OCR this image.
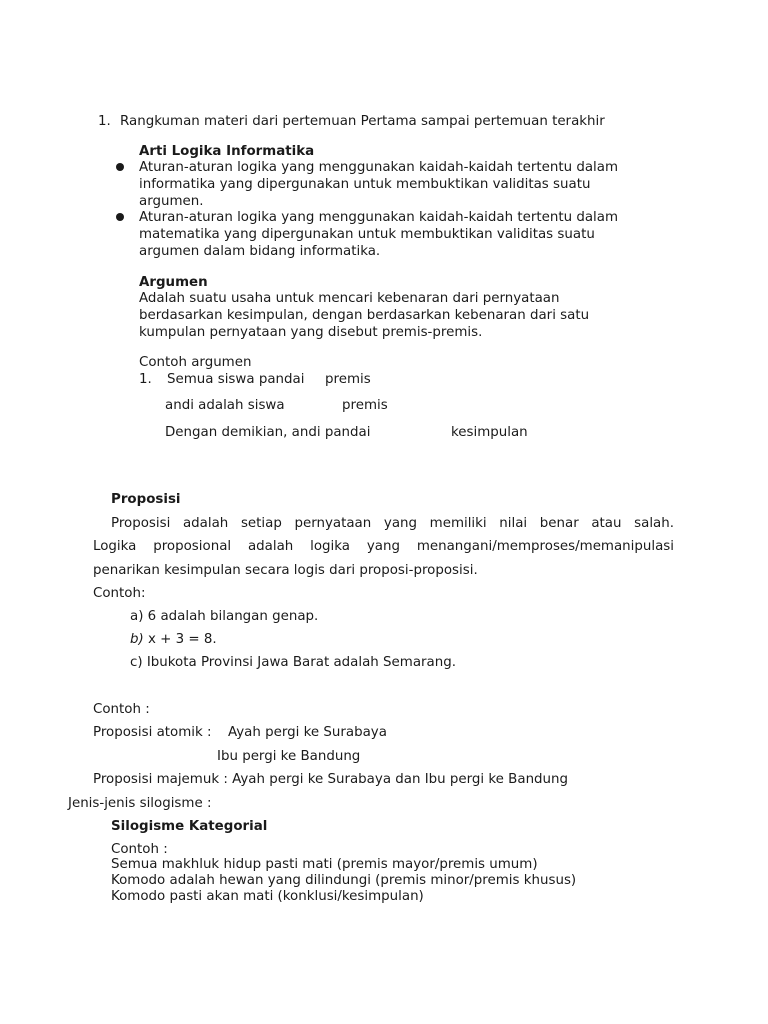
1. Rangkuman materi dari pertemuan Pertama sampai pertemuan terakhir
Arti Logika Informatika
Aturan-aturan logika yang menggunakan kaidah-kaidah tertentu dalam
informatika yang dipergunakan untuk membuktikan validitas suatu
argumen.
Aturan-aturan logika yang menggunakan kaidah-kaidah tertentu dalam
matematika yang dipergunakan untuk membuktikan validitas suatu
argumen dalam bidang informatika.
Argumen
Adalah suatu usaha untuk mencari kebenaran dari pernyataan
berdasarkan kesimpulan, dengan berdasarkan kebenaran dari satu
kumpulan pernyataan yang disebut premis-premis.
Contoh argumen
1. Semua siswa pandai premis
andi adalah siswa	premis
Dengan demikian, andi pandai	kesimpulan
Proposisi
Proposisi adalah setiap pernyataan yang memiliki nilai benar atau salah.
Logika proposional adalah logika yang menangani/memproses/memanipulasi
penarikan kesimpulan secara logis dari proposi-proposisi.
Contoh:
a) 6 adalah bilangan genap.
b) x + 3 = 8.
c) Ibukota Provinsi Jawa Barat adalah Semarang.
Contoh :
Proposisi atomik : Ayah pergi ke Surabaya
Ibu pergi ke Bandung
Proposisi majemuk : Ayah pergi ke Surabaya dan Ibu pergi ke Bandung
Jenis-jenis silogisme :
Silogisme Kategorial
Contoh :
Semua makhluk hidup pasti mati (premis mayor/premis umum)
Komodo adalah hewan yang dilindungi (premis minor/premis khusus)
Komodo pasti akan mati (konklusi/kesimpulan)
